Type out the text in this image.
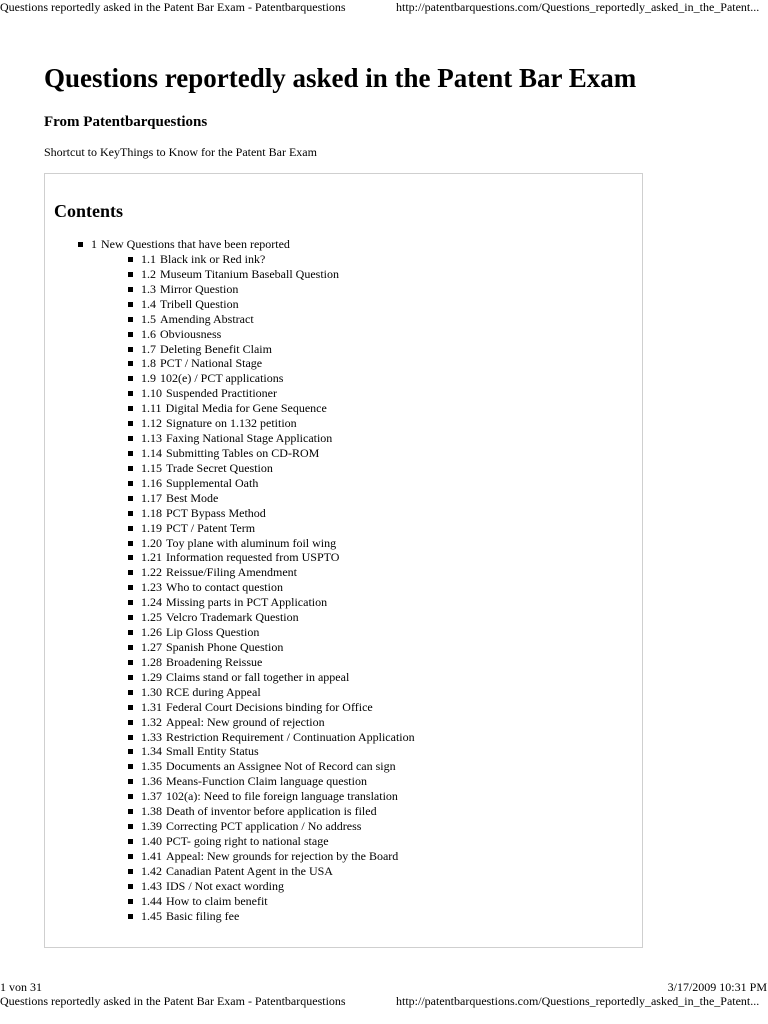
Questions reportedly asked in the Patent Bar Exam - Patentbarquestions	http://patentbarquestions.com/Questions_reportedly_asked_in_the_Patent...
Questions reportedly asked in the Patent Bar Exam
From Patentbarquestions
Shortcut to KeyThings to Know for the Patent Bar Exam
Contents
1 New Questions that have been reported
1.1 Black ink or Red ink?
1.2 Museum Titanium Baseball Question
1.3 Mirror Question
1.4 Tribell Question
1.5 Amending Abstract
1.6 Obviousness
1.7 Deleting Benefit Claim
1.8 PCT / National Stage
1.9 102(e) / PCT applications
1.10 Suspended Practitioner
1.11 Digital Media for Gene Sequence
1.12 Signature on 1.132 petition
1.13 Faxing National Stage Application
1.14 Submitting Tables on CD-ROM
1.15 Trade Secret Question
1.16 Supplemental Oath
1.17 Best Mode
1.18 PCT Bypass Method
1.19 PCT / Patent Term
1.20 Toy plane with aluminum foil wing
1.21 Information requested from USPTO
1.22 Reissue/Filing Amendment
1.23 Who to contact question
1.24 Missing parts in PCT Application
1.25 Velcro Trademark Question
1.26 Lip Gloss Question
1.27 Spanish Phone Question
1.28 Broadening Reissue
1.29 Claims stand or fall together in appeal
1.30 RCE during Appeal
1.31 Federal Court Decisions binding for Office
1.32 Appeal: New ground of rejection
1.33 Restriction Requirement / Continuation Application
1.34 Small Entity Status
1.35 Documents an Assignee Not of Record can sign
1.36 Means-Function Claim language question
1.37 102(a): Need to file foreign language translation
1.38 Death of inventor before application is filed
1.39 Correcting PCT application / No address
1.40 PCT- going right to national stage
1.41 Appeal: New grounds for rejection by the Board
1.42 Canadian Patent Agent in the USA
1.43 IDS / Not exact wording
1.44 How to claim benefit
1.45 Basic filing fee
1 von 31	3/17/2009 10:31 PM
Questions reportedly asked in the Patent Bar Exam - Patentbarquestions	http://patentbarquestions.com/Questions_reportedly_asked_in_the_Patent...
